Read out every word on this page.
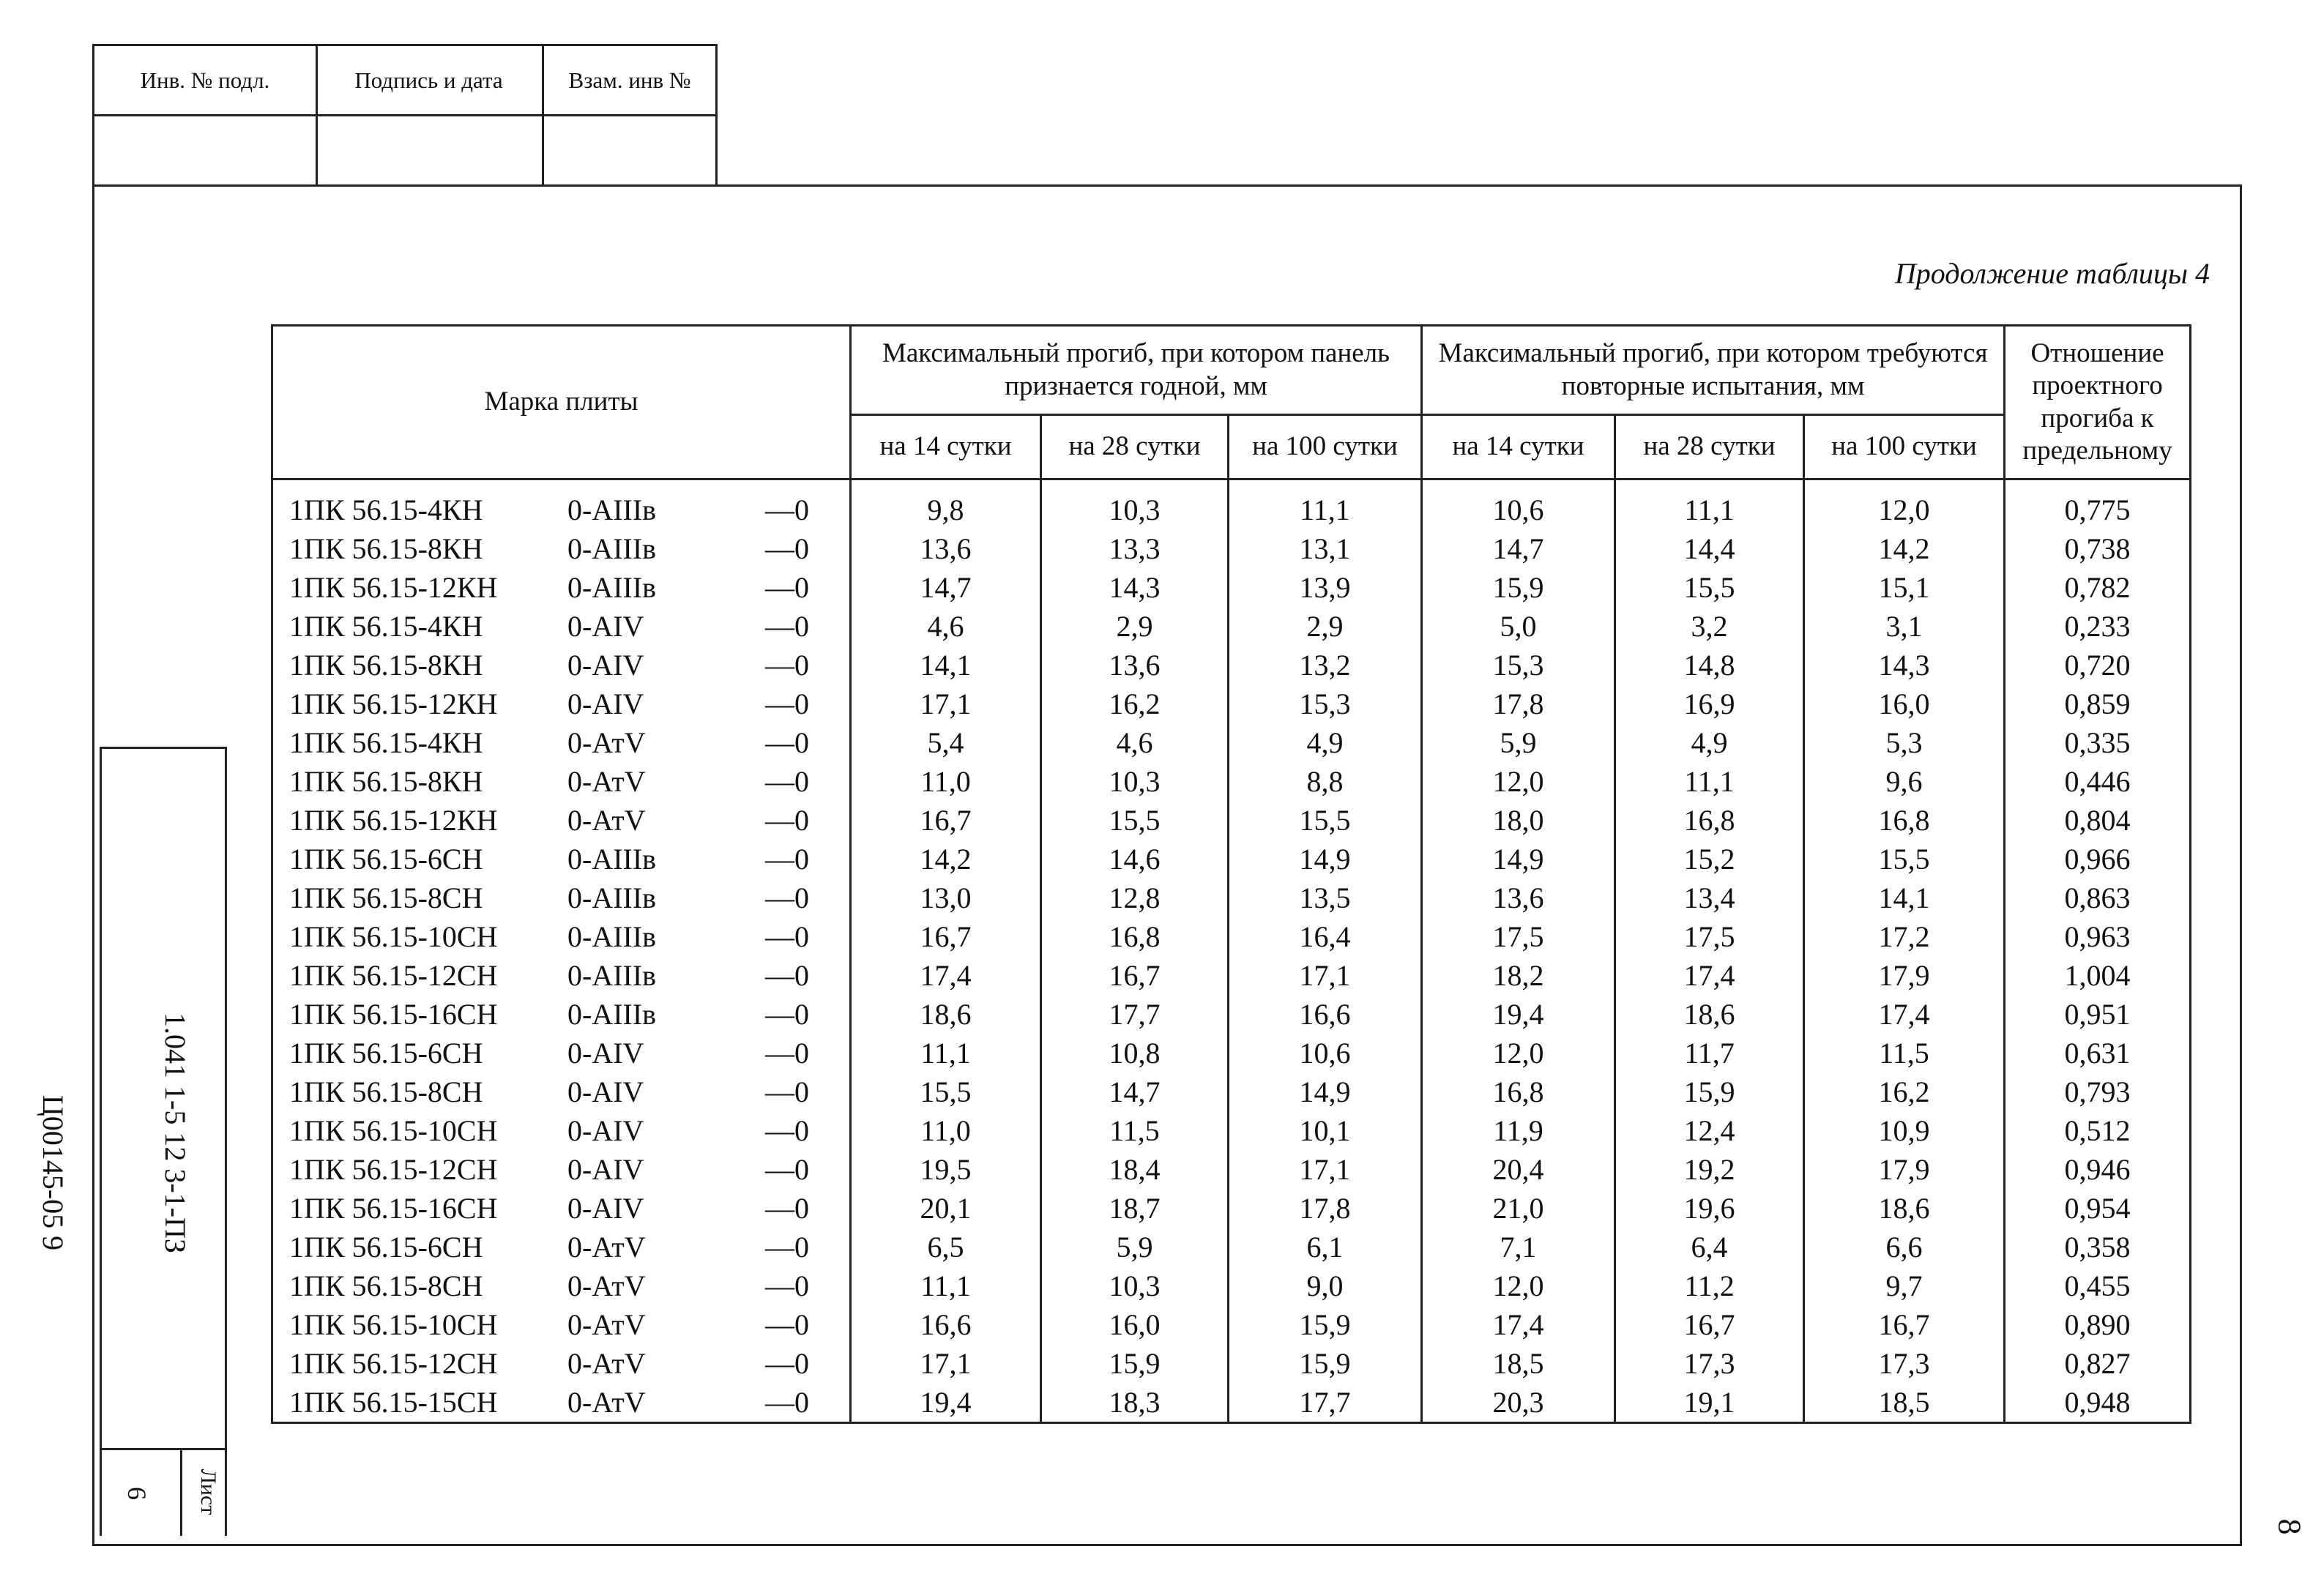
Инв. № подл.	Подпись и дата	Взам. инв №
1.041 1-5 12 3-1-ПЗ
Лист
6
Ц00145-05 9
Продолжение таблицы 4
Марка плиты	Максимальный прогиб, при котором панель признается годной, мм			Максимальный прогиб, при котором требуются повторные испытания, мм			Отношение проектного прогиба к предельному
	на 14 сутки	на 28 сутки	на 100 сутки	на 14 сутки	на 28 сутки	на 100 сутки	
1ПК 56.15-4КН 0-АIIIв —0	9,8	10,3	11,1	10,6	11,1	12,0	0,775
1ПК 56.15-8КН 0-АIIIв —0	13,6	13,3	13,1	14,7	14,4	14,2	0,738
1ПК 56.15-12КН 0-АIIIв —0	14,7	14,3	13,9	15,9	15,5	15,1	0,782
1ПК 56.15-4КН 0-АIV —0	4,6	2,9	2,9	5,0	3,2	3,1	0,233
1ПК 56.15-8КН 0-АIV —0	14,1	13,6	13,2	15,3	14,8	14,3	0,720
1ПК 56.15-12КН 0-АIV —0	17,1	16,2	15,3	17,8	16,9	16,0	0,859
1ПК 56.15-4КН 0-АтV —0	5,4	4,6	4,9	5,9	4,9	5,3	0,335
1ПК 56.15-8КН 0-АтV —0	11,0	10,3	8,8	12,0	11,1	9,6	0,446
1ПК 56.15-12КН 0-АтV —0	16,7	15,5	15,5	18,0	16,8	16,8	0,804
1ПК 56.15-6СН 0-АIIIв —0	14,2	14,6	14,9	14,9	15,2	15,5	0,966
1ПК 56.15-8СН 0-АIIIв —0	13,0	12,8	13,5	13,6	13,4	14,1	0,863
1ПК 56.15-10СН 0-АIIIв —0	16,7	16,8	16,4	17,5	17,5	17,2	0,963
1ПК 56.15-12СН 0-АIIIв —0	17,4	16,7	17,1	18,2	17,4	17,9	1,004
1ПК 56.15-16СН 0-АIIIв —0	18,6	17,7	16,6	19,4	18,6	17,4	0,951
1ПК 56.15-6СН 0-АIV —0	11,1	10,8	10,6	12,0	11,7	11,5	0,631
1ПК 56.15-8СН 0-АIV —0	15,5	14,7	14,9	16,8	15,9	16,2	0,793
1ПК 56.15-10СН 0-АIV —0	11,0	11,5	10,1	11,9	12,4	10,9	0,512
1ПК 56.15-12СН 0-АIV —0	19,5	18,4	17,1	20,4	19,2	17,9	0,946
1ПК 56.15-16СН 0-АIV —0	20,1	18,7	17,8	21,0	19,6	18,6	0,954
1ПК 56.15-6СН 0-АтV —0	6,5	5,9	6,1	7,1	6,4	6,6	0,358
1ПК 56.15-8СН 0-АтV —0	11,1	10,3	9,0	12,0	11,2	9,7	0,455
1ПК 56.15-10СН 0-АтV —0	16,6	16,0	15,9	17,4	16,7	16,7	0,890
1ПК 56.15-12СН 0-АтV —0	17,1	15,9	15,9	18,5	17,3	17,3	0,827
1ПК 56.15-15СН 0-АтV —0	19,4	18,3	17,7	20,3	19,1	18,5	0,948
8
